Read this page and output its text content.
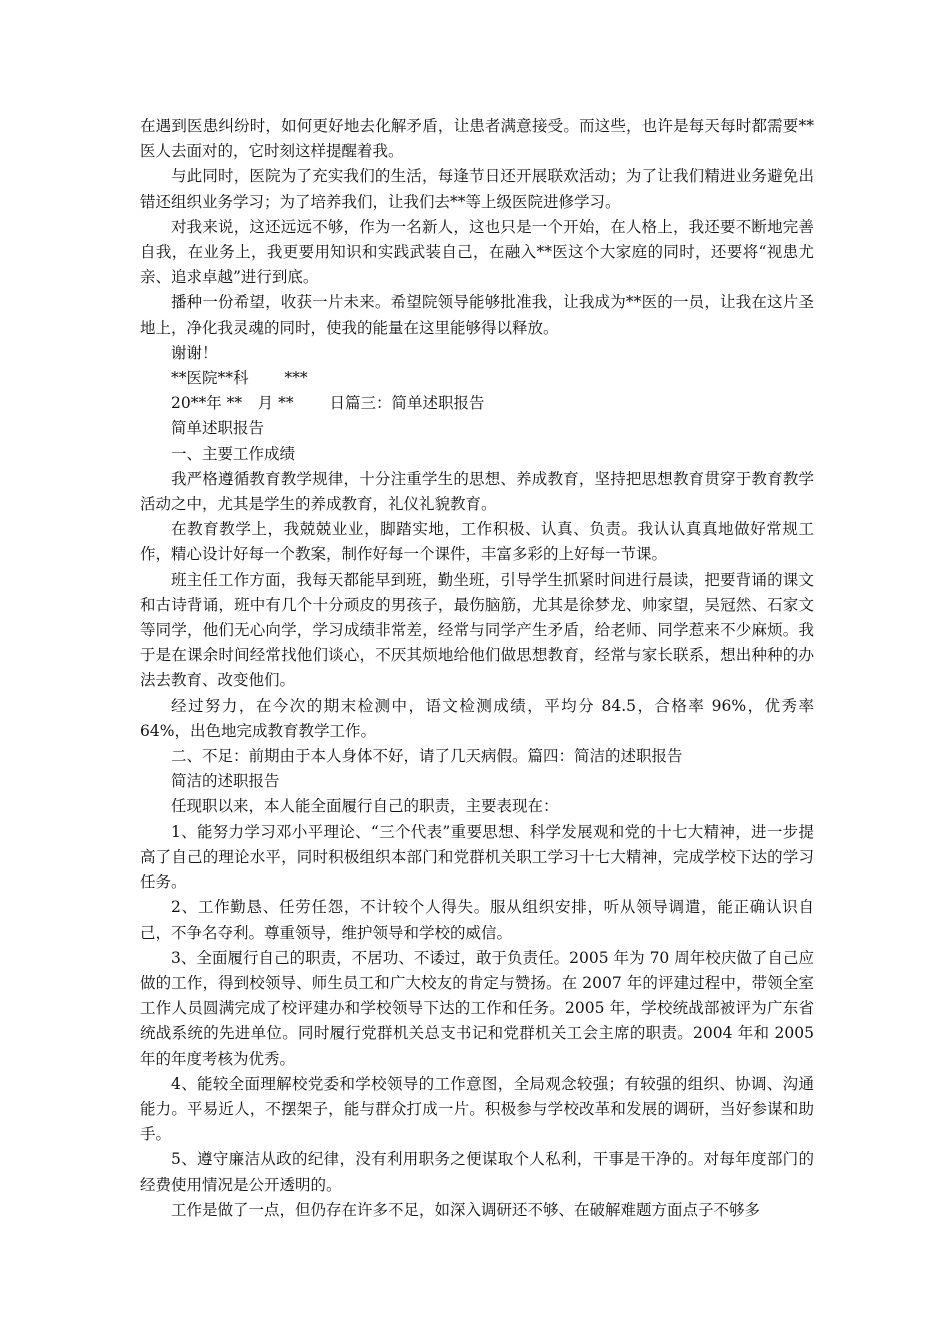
在遇到医患纠纷时，如何更好地去化解矛盾，让患者满意接受。而这些，也许是每天每时都需要**医人去面对的，它时刻这样提醒着我。

与此同时，医院为了充实我们的生活，每逢节日还开展联欢活动；为了让我们精进业务避免出错还组织业务学习；为了培养我们，让我们去**等上级医院进修学习。

对我来说，这还远远不够，作为一名新人，这也只是一个开始，在人格上，我还要不断地完善自我，在业务上，我更要用知识和实践武装自己，在融入**医这个大家庭的同时，还要将“视患尤亲、追求卓越”进行到底。

播种一份希望，收获一片未来。希望院领导能够批准我，让我成为**医的一员，让我在这片圣地上，净化我灵魂的同时，使我的能量在这里能够得以释放。

谢谢！

**医院**科　　 ***

20**年 **　月 **　　 日篇三：简单述职报告

简单述职报告

一、主要工作成绩

我严格遵循教育教学规律，十分注重学生的思想、养成教育，坚持把思想教育贯穿于教育教学活动之中，尤其是学生的养成教育，礼仪礼貌教育。

在教育教学上，我兢兢业业，脚踏实地，工作积极、认真、负责。我认认真真地做好常规工作，精心设计好每一个教案，制作好每一个课件，丰富多彩的上好每一节课。

班主任工作方面，我每天都能早到班，勤坐班，引导学生抓紧时间进行晨读，把要背诵的课文和古诗背诵，班中有几个十分顽皮的男孩子，最伤脑筋，尤其是徐梦龙、帅家望，吴冠然、石家文等同学，他们无心向学，学习成绩非常差，经常与同学产生矛盾，给老师、同学惹来不少麻烦。我于是在课余时间经常找他们谈心，不厌其烦地给他们做思想教育，经常与家长联系，想出种种的办法去教育、改变他们。

经过努力，在今次的期末检测中，语文检测成绩，平均分 84.5，合格率 96%，优秀率 64%，出色地完成教育教学工作。

二、不足：前期由于本人身体不好，请了几天病假。篇四：简洁的述职报告

简洁的述职报告

任现职以来，本人能全面履行自己的职责，主要表现在：

1、能努力学习邓小平理论、“三个代表”重要思想、科学发展观和党的十七大精神，进一步提高了自己的理论水平，同时积极组织本部门和党群机关职工学习十七大精神，完成学校下达的学习任务。

2、工作勤恳、任劳任怨，不计较个人得失。服从组织安排，听从领导调遣，能正确认识自己，不争名夺利。尊重领导，维护领导和学校的威信。

3、全面履行自己的职责，不居功、不诿过，敢于负责任。2005 年为 70 周年校庆做了自己应做的工作，得到校领导、师生员工和广大校友的肯定与赞扬。在 2007 年的评建过程中，带领全室工作人员圆满完成了校评建办和学校领导下达的工作和任务。2005 年，学校统战部被评为广东省统战系统的先进单位。同时履行党群机关总支书记和党群机关工会主席的职责。2004 年和 2005 年的年度考核为优秀。

4、能较全面理解校党委和学校领导的工作意图，全局观念较强；有较强的组织、协调、沟通能力。平易近人，不摆架子，能与群众打成一片。积极参与学校改革和发展的调研，当好参谋和助手。

5、遵守廉洁从政的纪律，没有利用职务之便谋取个人私利，干事是干净的。对每年度部门的经费使用情况是公开透明的。

工作是做了一点，但仍存在许多不足，如深入调研还不够、在破解难题方面点子不够多
